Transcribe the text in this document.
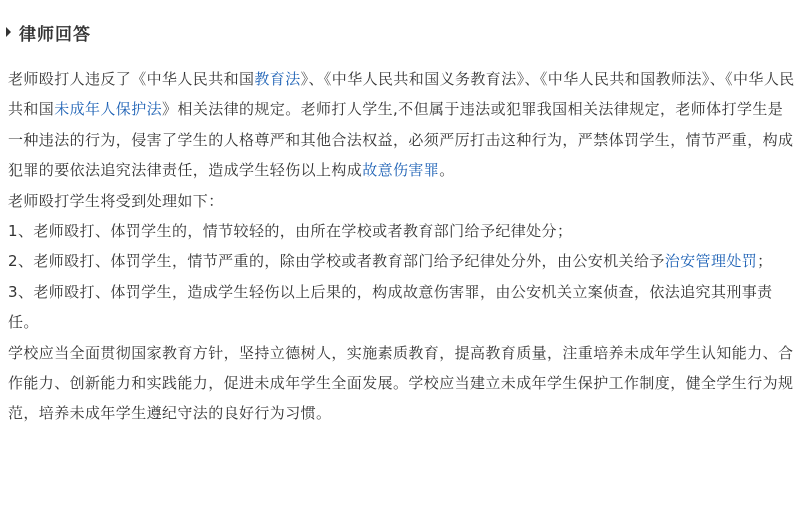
律师回答

老师殴打人违反了《中华人民共和国教育法》、《中华人民共和国义务教育法》、《中华人民共和国教师法》、《中华人民共和国未成年人保护法》相关法律的规定。老师打人学生,不但属于违法或犯罪我国相关法律规定，老师体打学生是一种违法的行为，侵害了学生的人格尊严和其他合法权益，必须严厉打击这种行为，严禁体罚学生，情节严重，构成犯罪的要依法追究法律责任，造成学生轻伤以上构成故意伤害罪。

老师殴打学生将受到处理如下：

1、老师殴打、体罚学生的，情节较轻的，由所在学校或者教育部门给予纪律处分；

2、老师殴打、体罚学生，情节严重的，除由学校或者教育部门给予纪律处分外，由公安机关给予治安管理处罚；

3、老师殴打、体罚学生，造成学生轻伤以上后果的，构成故意伤害罪，由公安机关立案侦查，依法追究其刑事责任。

学校应当全面贯彻国家教育方针，坚持立德树人，实施素质教育，提高教育质量，注重培养未成年学生认知能力、合作能力、创新能力和实践能力，促进未成年学生全面发展。学校应当建立未成年学生保护工作制度，健全学生行为规范，培养未成年学生遵纪守法的良好行为习惯。
